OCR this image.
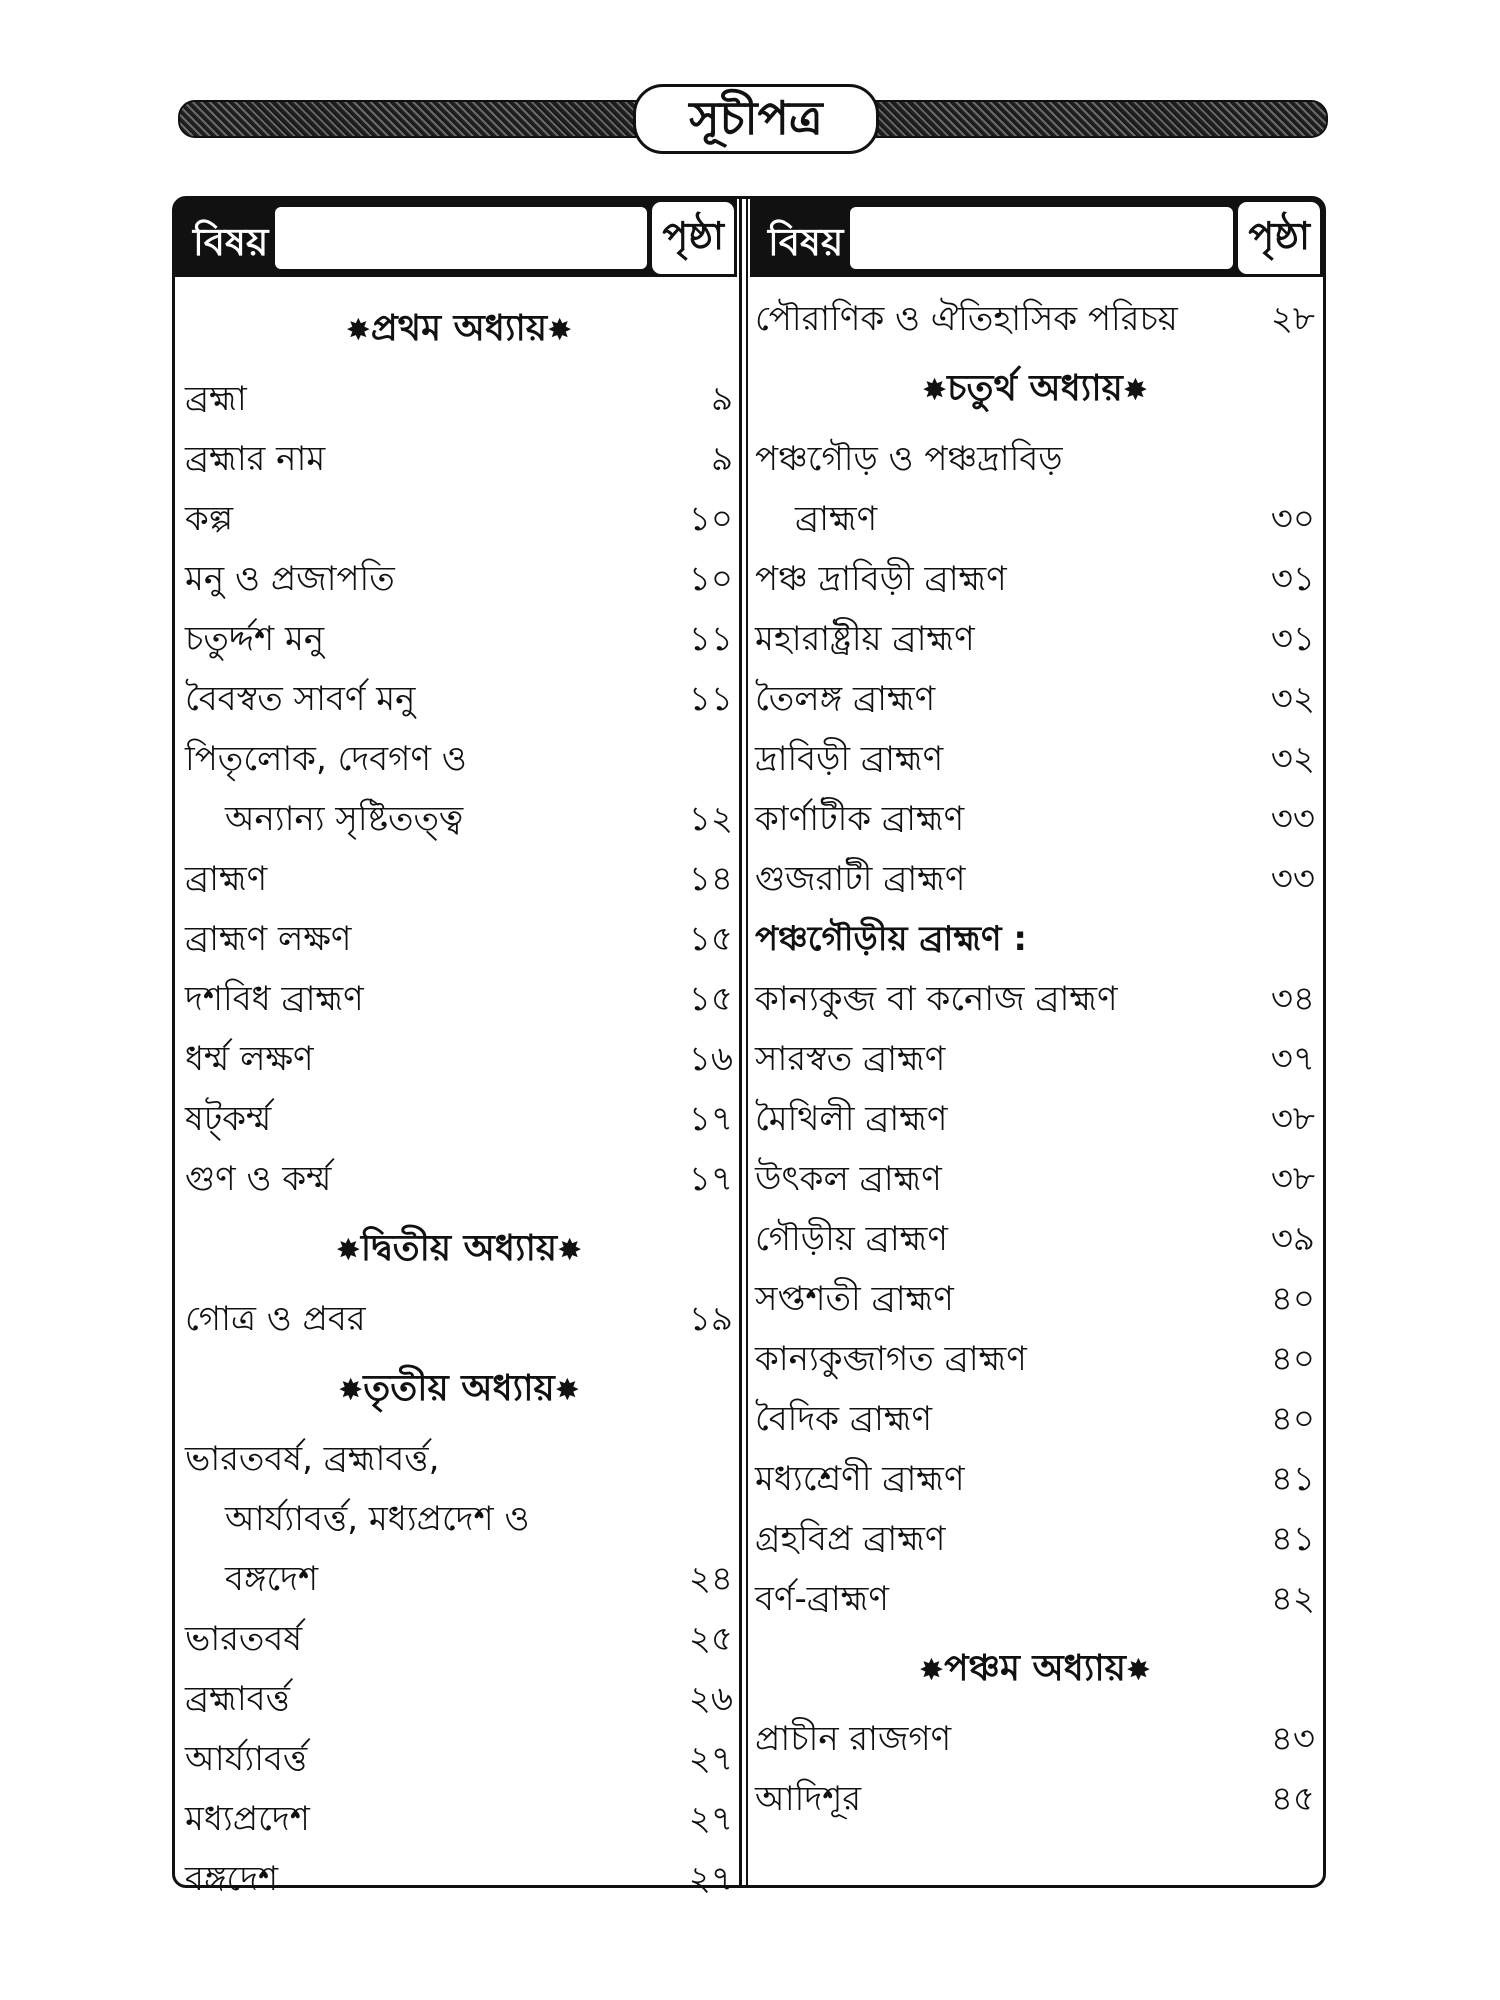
সূচীপত্র
বিষয়	পৃষ্ঠা	বিষয়	পৃষ্ঠা
✸প্রথম অধ্যায়✸
ব্রহ্মা	৯
ব্রহ্মার নাম	৯
কল্প	১০
মনু ও প্রজাপতি	১০
চতুর্দ্দশ মনু	১১
বৈবস্বত সাবর্ণ মনু	১১
পিতৃলোক, দেবগণ ও
অন্যান্য সৃষ্টিতত্ত্ব	১২
ব্রাহ্মণ	১৪
ব্রাহ্মণ লক্ষণ	১৫
দশবিধ ব্রাহ্মণ	১৫
ধর্ম্ম লক্ষণ	১৬
ষট্‌কর্ম্ম	১৭
গুণ ও কর্ম্ম	১৭
✸দ্বিতীয় অধ্যায়✸
গোত্র ও প্রবর	১৯
✸তৃতীয় অধ্যায়✸
ভারতবর্ষ, ব্রহ্মাবর্ত্ত,
আর্য্যাবর্ত্ত, মধ্যপ্রদেশ ও
বঙ্গদেশ	২৪
ভারতবর্ষ	২৫
ব্রহ্মাবর্ত্ত	২৬
আর্য্যাবর্ত্ত	২৭
মধ্যপ্রদেশ	২৭
বঙ্গদেশ	২৭
পৌরাণিক ও ঐতিহাসিক পরিচয়	২৮
✸চতুর্থ অধ্যায়✸
পঞ্চগৌড় ও পঞ্চদ্রাবিড়
ব্রাহ্মণ	৩০
পঞ্চ দ্রাবিড়ী ব্রাহ্মণ	৩১
মহারাষ্ট্রীয় ব্রাহ্মণ	৩১
তৈলঙ্গ ব্রাহ্মণ	৩২
দ্রাবিড়ী ব্রাহ্মণ	৩২
কার্ণাটীক ব্রাহ্মণ	৩৩
গুজরাটী ব্রাহ্মণ	৩৩
পঞ্চগৌড়ীয় ব্রাহ্মণ :
কান্যকুব্জ বা কনোজ ব্রাহ্মণ	৩৪
সারস্বত ব্রাহ্মণ	৩৭
মৈথিলী ব্রাহ্মণ	৩৮
উৎকল ব্রাহ্মণ	৩৮
গৌড়ীয় ব্রাহ্মণ	৩৯
সপ্তশতী ব্রাহ্মণ	৪০
কান্যকুব্জাগত ব্রাহ্মণ	৪০
বৈদিক ব্রাহ্মণ	৪০
মধ্যশ্রেণী ব্রাহ্মণ	৪১
গ্রহবিপ্র ব্রাহ্মণ	৪১
বর্ণ-ব্রাহ্মণ	৪২
✸পঞ্চম অধ্যায়✸
প্রাচীন রাজগণ	৪৩
আদিশূর	৪৫
